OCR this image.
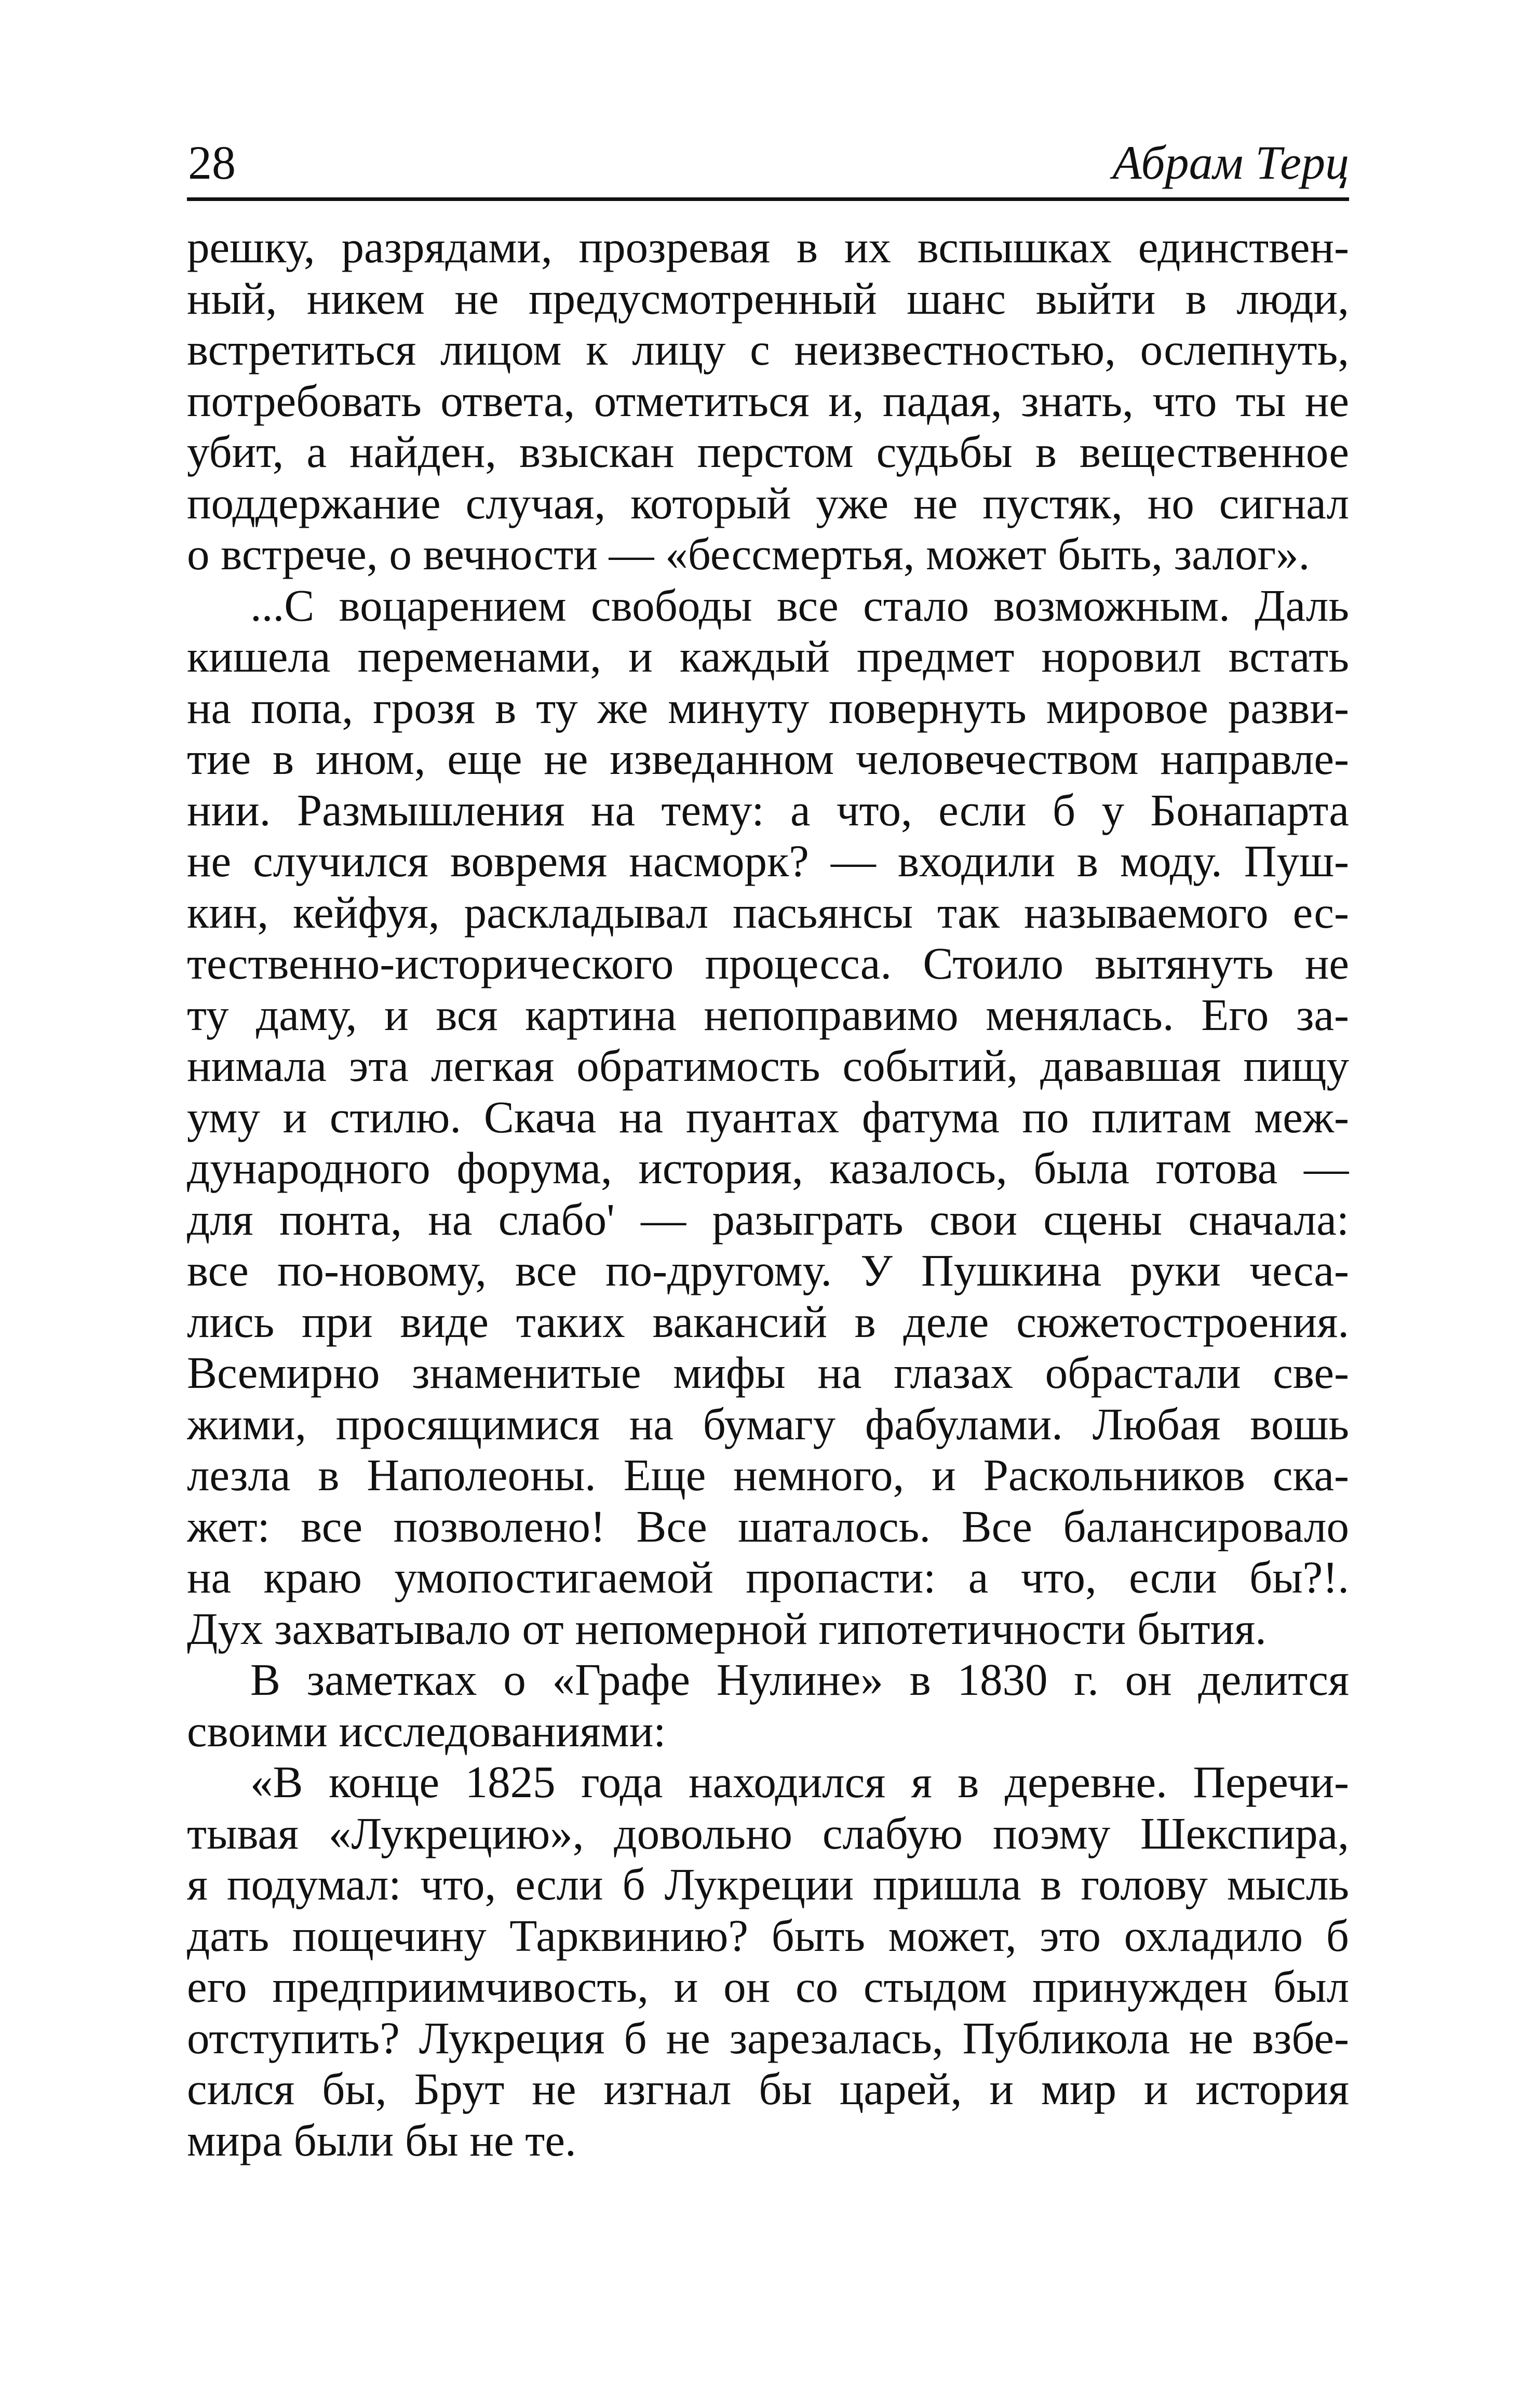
28	Абрам Терц
решку, разрядами, прозревая в их вспышках единствен-
ный, никем не предусмотренный шанс выйти в люди,
встретиться лицом к лицу с неизвестностью, ослепнуть,
потребовать ответа, отметиться и, падая, знать, что ты не
убит, а найден, взыскан перстом судьбы в вещественное
поддержание случая, который уже не пустяк, но сигнал
о встрече, о вечности — «бессмертья, может быть, залог».
...С воцарением свободы все стало возможным. Даль
кишела переменами, и каждый предмет норовил встать
на попа, грозя в ту же минуту повернуть мировое разви-
тие в ином, еще не изведанном человечеством направле-
нии. Размышления на тему: а что, если б у Бонапарта
не случился вовремя насморк? — входили в моду. Пуш-
кин, кейфуя, раскладывал пасьянсы так называемого ес-
тественно-исторического процесса. Стоило вытянуть не
ту даму, и вся картина непоправимо менялась. Его за-
нимала эта легкая обратимость событий, дававшая пищу
уму и стилю. Скача на пуантах фатума по плитам меж-
дународного форума, история, казалось, была готова —
для понта, на слабо' — разыграть свои сцены сначала:
все по-новому, все по-другому. У Пушкина руки чеса-
лись при виде таких вакансий в деле сюжетостроения.
Всемирно знаменитые мифы на глазах обрастали све-
жими, просящимися на бумагу фабулами. Любая вошь
лезла в Наполеоны. Еще немного, и Раскольников ска-
жет: все позволено! Все шаталось. Все балансировало
на краю умопостигаемой пропасти: а что, если бы?!.
Дух захватывало от непомерной гипотетичности бытия.
В заметках о «Графе Нулине» в 1830 г. он делится
своими исследованиями:
«В конце 1825 года находился я в деревне. Перечи-
тывая «Лукрецию», довольно слабую поэму Шекспира,
я подумал: что, если б Лукреции пришла в голову мысль
дать пощечину Тарквинию? быть может, это охладило б
его предприимчивость, и он со стыдом принужден был
отступить? Лукреция б не зарезалась, Публикола не взбе-
сился бы, Брут не изгнал бы царей, и мир и история
мира были бы не те.
